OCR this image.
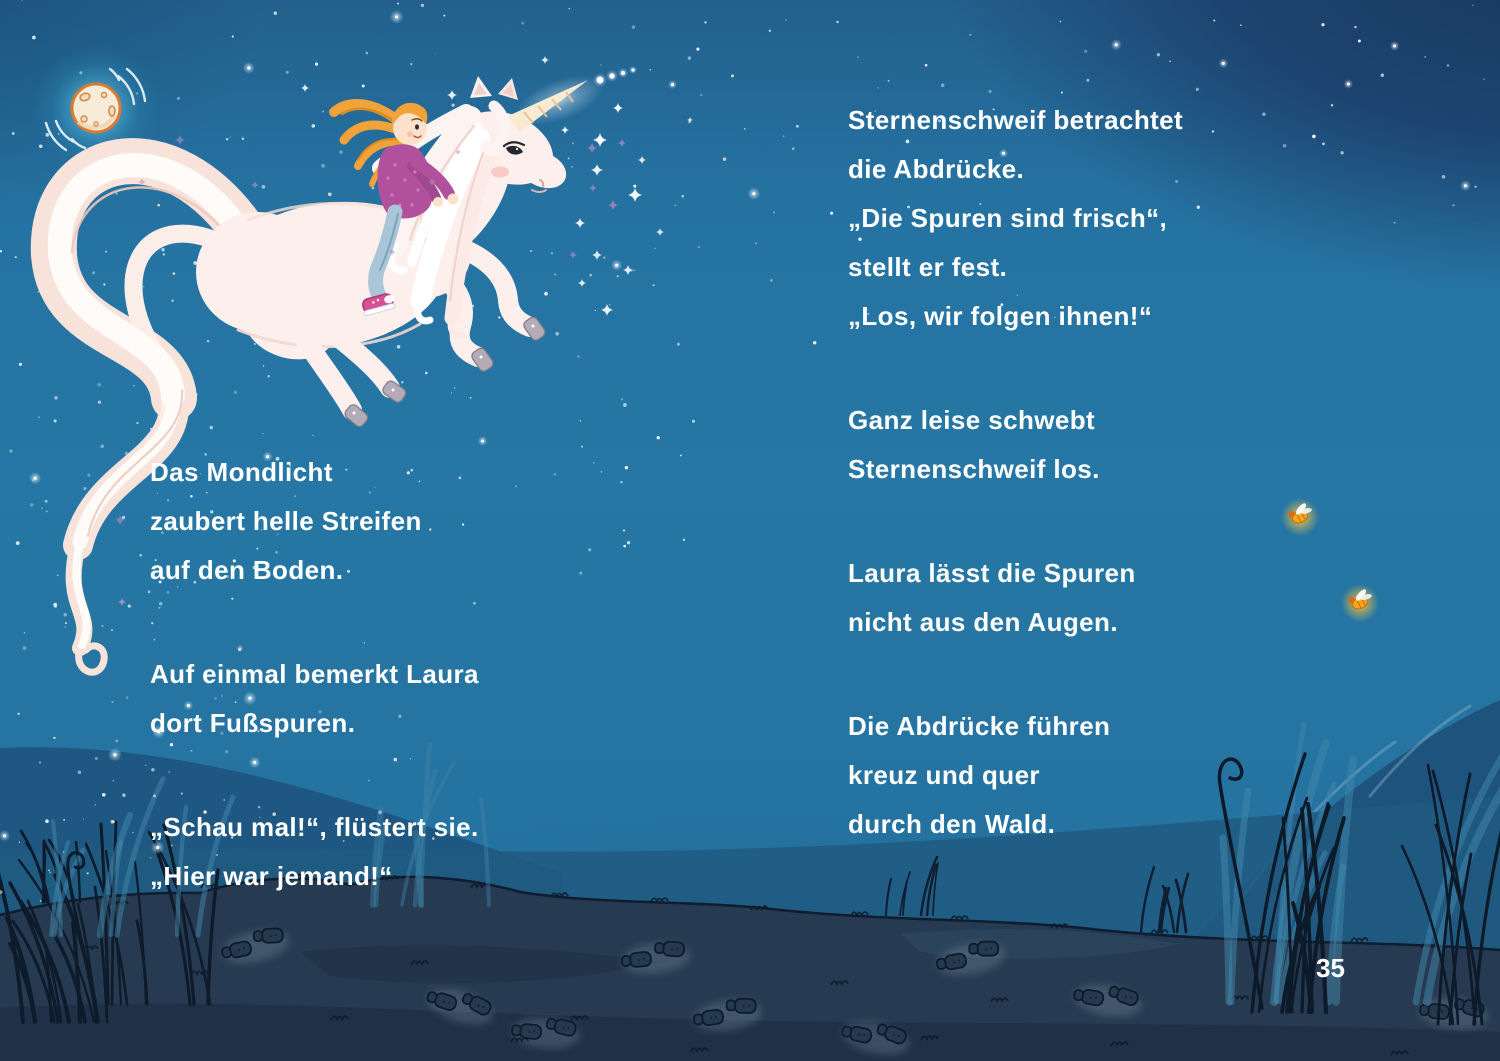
Das Mondlicht
zaubert helle Streifen
auf den Boden.

Auf einmal bemerkt Laura
dort Fußspuren.

„Schau mal!“, flüstert sie.
„Hier war jemand!“

Sternenschweif betrachtet
die Abdrücke.
„Die Spuren sind frisch“,
stellt er fest.
„Los, wir folgen ihnen!“

Ganz leise schwebt
Sternenschweif los.

Laura lässt die Spuren
nicht aus den Augen.

Die Abdrücke führen
kreuz und quer
durch den Wald.

35
